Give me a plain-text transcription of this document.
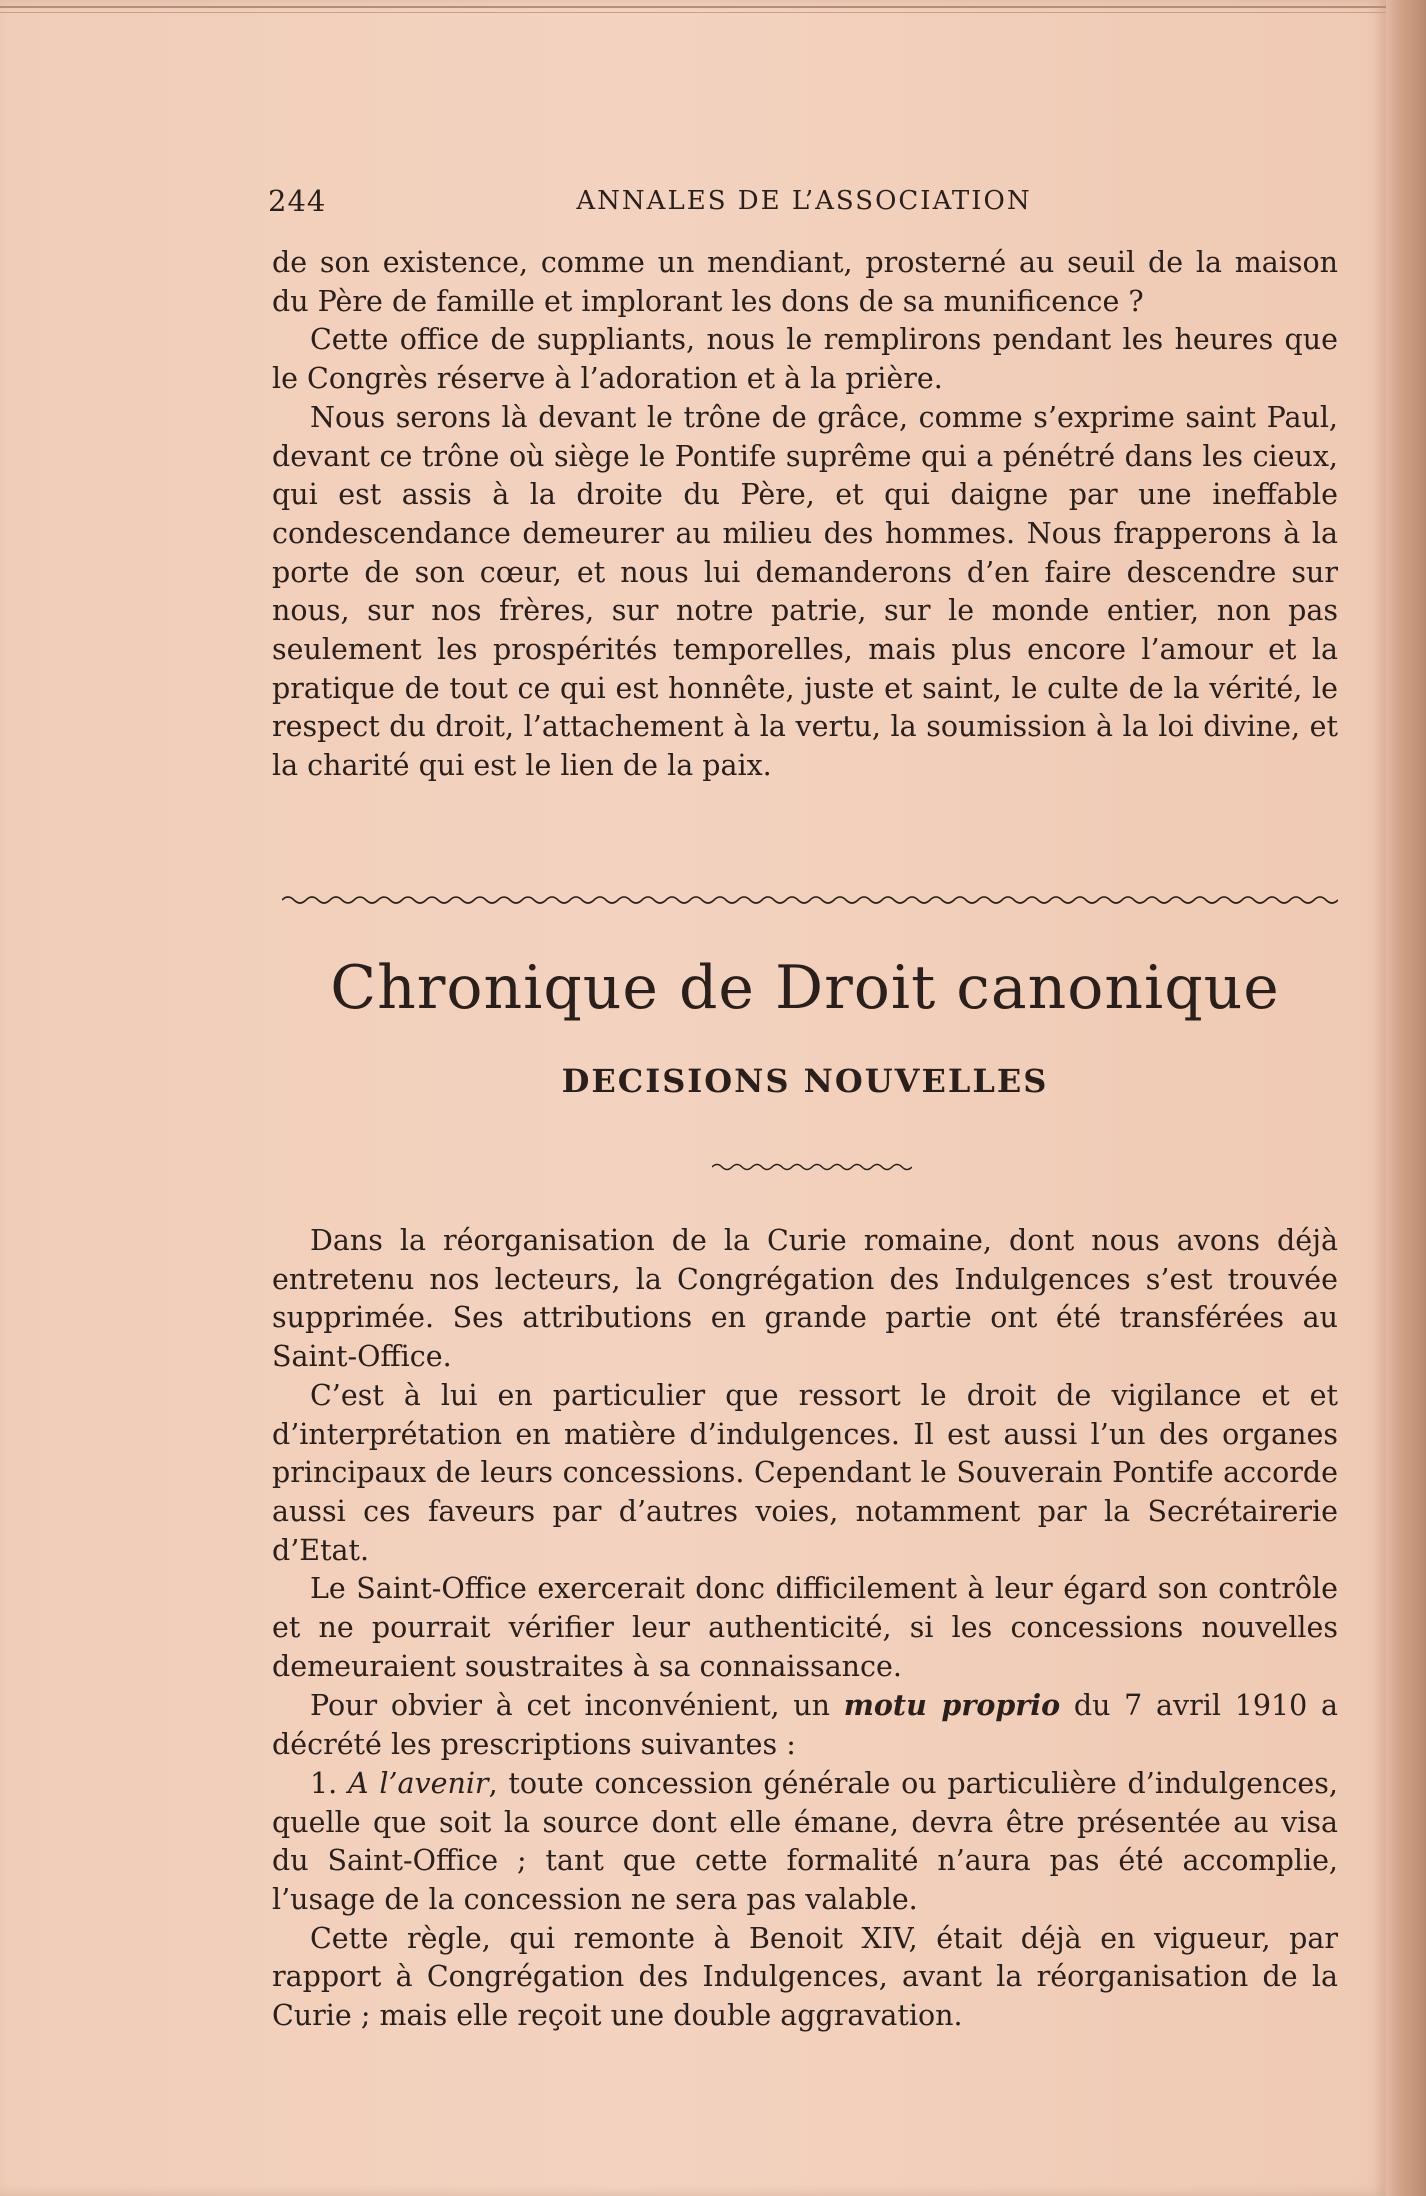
244	ANNALES DE L’ASSOCIATION

de son existence, comme un mendiant, prosterné au seuil de la maison du Père de famille et implorant les dons de sa munificence ?

Cette office de suppliants, nous le remplirons pendant les heures que le Congrès réserve à l’adoration et à la prière.

Nous serons là devant le trône de grâce, comme s’exprime saint Paul, devant ce trône où siège le Pontife suprême qui a pénétré dans les cieux, qui est assis à la droite du Père, et qui daigne par une ineffable condescendance demeurer au milieu des hommes. Nous frapperons à la porte de son cœur, et nous lui demanderons d’en faire descendre sur nous, sur nos frères, sur notre patrie, sur le monde entier, non pas seulement les prospérités temporelles, mais plus encore l’amour et la pratique de tout ce qui est honnête, juste et saint, le culte de la vérité, le respect du droit, l’attachement à la vertu, la soumission à la loi divine, et la charité qui est le lien de la paix.

Chronique de Droit canonique
DECISIONS NOUVELLES

Dans la réorganisation de la Curie romaine, dont nous avons déjà entretenu nos lecteurs, la Congrégation des Indulgences s’est trouvée supprimée. Ses attributions en grande partie ont été transférées au Saint-Office.

C’est à lui en particulier que ressort le droit de vigilance et et d’interprétation en matière d’indulgences. Il est aussi l’un des organes principaux de leurs concessions. Cependant le Souverain Pontife accorde aussi ces faveurs par d’autres voies, notamment par la Secrétairerie d’Etat.

Le Saint-Office exercerait donc difficilement à leur égard son contrôle et ne pourrait vérifier leur authenticité, si les concessions nouvelles demeuraient soustraites à sa connaissance.

Pour obvier à cet inconvénient, un motu proprio du 7 avril 1910 a décrété les prescriptions suivantes :

1. A l’avenir, toute concession générale ou particulière d’indulgences, quelle que soit la source dont elle émane, devra être présentée au visa du Saint-Office ; tant que cette formalité n’aura pas été accomplie, l’usage de la concession ne sera pas valable.

Cette règle, qui remonte à Benoit XIV, était déjà en vigueur, par rapport à Congrégation des Indulgences, avant la réorganisation de la Curie ; mais elle reçoit une double aggravation.
